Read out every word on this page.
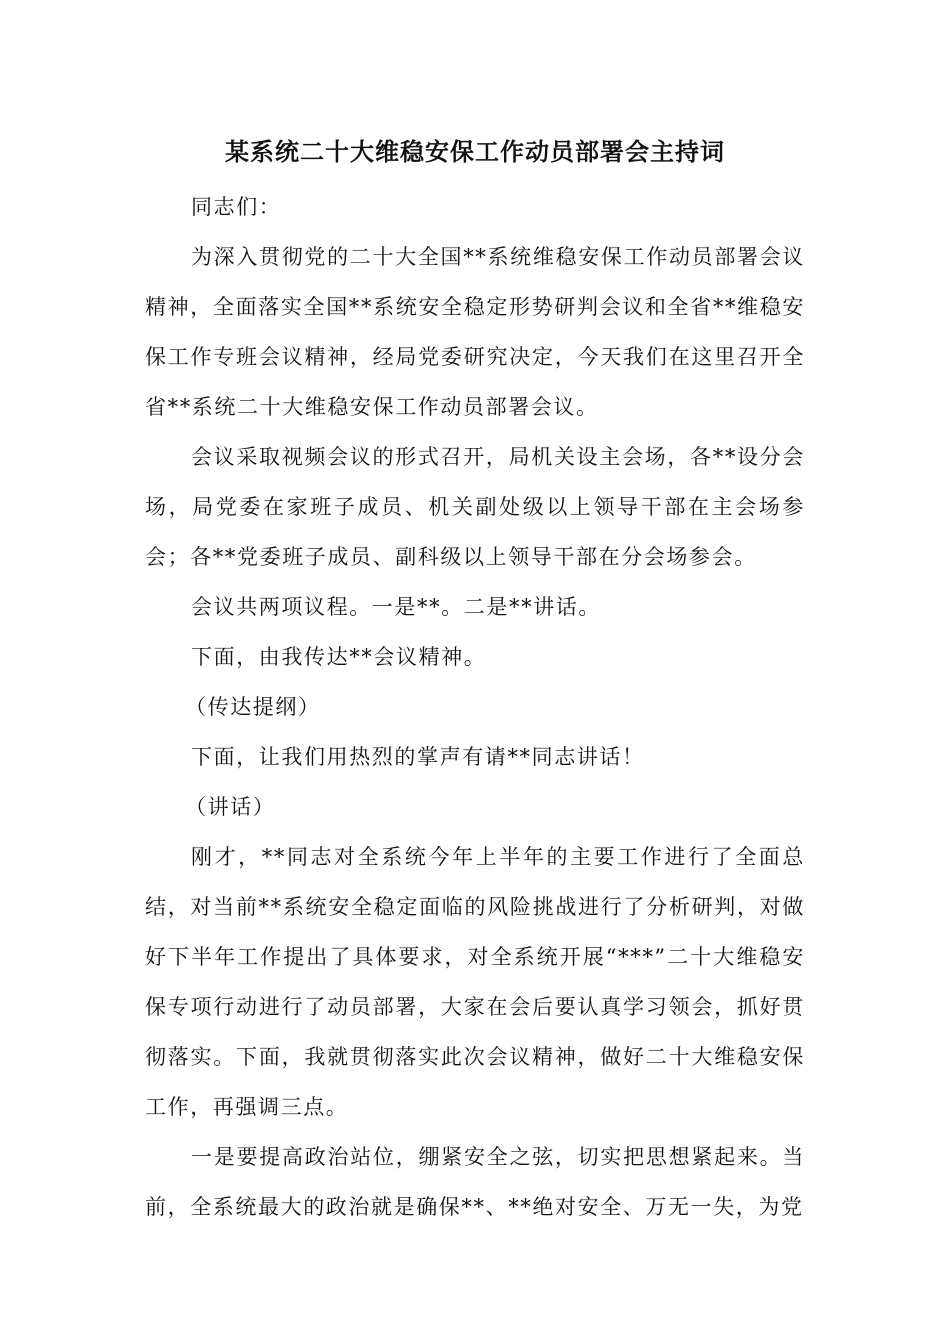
某系统二十大维稳安保工作动员部署会主持词

同志们：

为深入贯彻党的二十大全国**系统维稳安保工作动员部署会议精神，全面落实全国**系统安全稳定形势研判会议和全省**维稳安保工作专班会议精神，经局党委研究决定，今天我们在这里召开全省**系统二十大维稳安保工作动员部署会议。

会议采取视频会议的形式召开，局机关设主会场，各**设分会场，局党委在家班子成员、机关副处级以上领导干部在主会场参会；各**党委班子成员、副科级以上领导干部在分会场参会。

会议共两项议程。一是**。二是**讲话。

下面，由我传达**会议精神。

（传达提纲）

下面，让我们用热烈的掌声有请**同志讲话！

（讲话）

刚才，**同志对全系统今年上半年的主要工作进行了全面总结，对当前**系统安全稳定面临的风险挑战进行了分析研判，对做好下半年工作提出了具体要求，对全系统开展“***”二十大维稳安保专项行动进行了动员部署，大家在会后要认真学习领会，抓好贯彻落实。下面，我就贯彻落实此次会议精神，做好二十大维稳安保工作，再强调三点。

一是要提高政治站位，绷紧安全之弦，切实把思想紧起来。当前，全系统最大的政治就是确保**、**绝对安全、万无一失，为党
